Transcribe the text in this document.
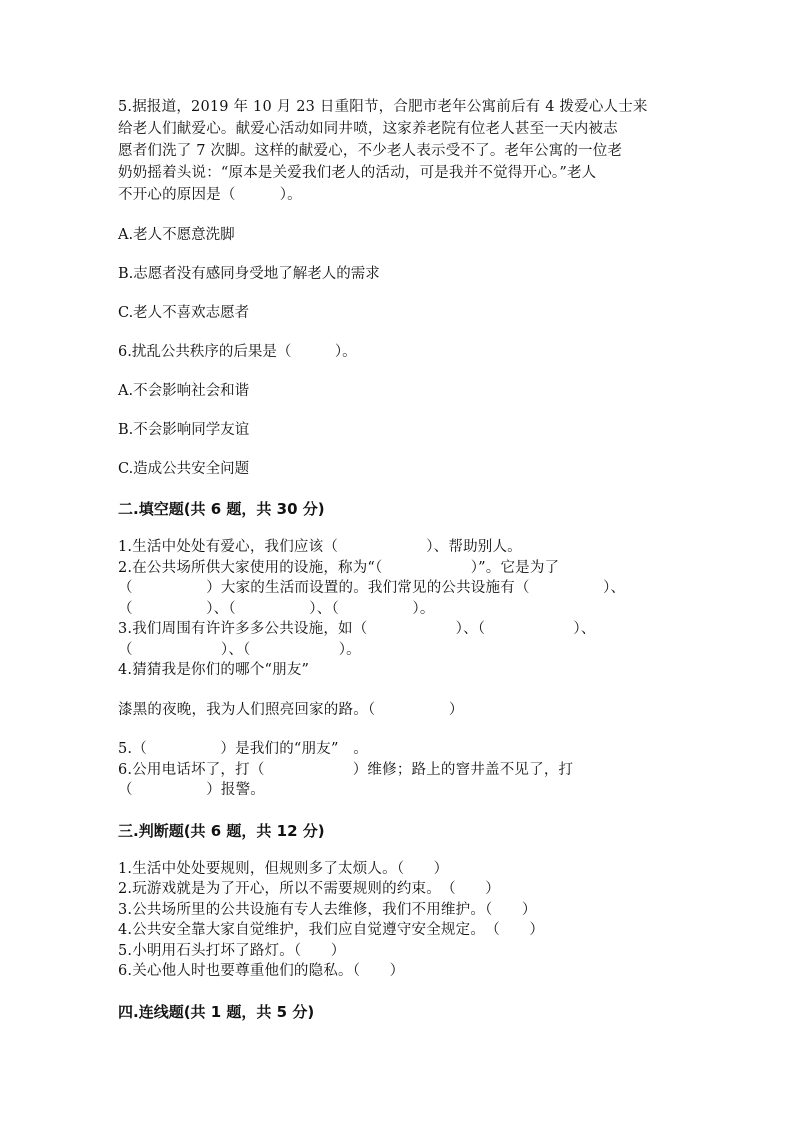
5.据报道，2019 年 10 月 23 日重阳节，合肥市老年公寓前后有 4 拨爱心人士来

给老人们献爱心。献爱心活动如同井喷，这家养老院有位老人甚至一天内被志

愿者们洗了 7 次脚。这样的献爱心，不少老人表示受不了。老年公寓的一位老

奶奶摇着头说：“原本是关爱我们老人的活动，可是我并不觉得开心。”老人

不开心的原因是（　　　）。

A.老人不愿意洗脚

B.志愿者没有感同身受地了解老人的需求

C.老人不喜欢志愿者

6.扰乱公共秩序的后果是（　　　）。

A.不会影响社会和谐

B.不会影响同学友谊

C.造成公共安全问题

二.填空题(共 6 题，共 30 分)

1.生活中处处有爱心，我们应该（　　　　　　）、帮助别人。

2.在公共场所供大家使用的设施，称为“（　　　　　　）”。它是为了

（　　　　　）大家的生活而设置的。我们常见的公共设施有（　　　　　）、

（　　　　　）、（　　　　　）、（　　　　　）。

3.我们周围有许许多多公共设施，如（　　　　　　）、（　　　　　　）、

（　　　　　　）、（　　　　　　）。

4.猜猜我是你们的哪个“朋友”

漆黑的夜晚，我为人们照亮回家的路。（　　　　　）

5.（　　　　　）是我们的“朋友”　。

6.公用电话坏了，打（　　　　　　）维修；路上的窨井盖不见了，打

（　　　　　）报警。

三.判断题(共 6 题，共 12 分)

1.生活中处处要规则，但规则多了太烦人。（　　）

2.玩游戏就是为了开心，所以不需要规则的约束。　（　　）

3.公共场所里的公共设施有专人去维修，我们不用维护。（　　）

4.公共安全靠大家自觉维护，我们应自觉遵守安全规定。　（　　）

5.小明用石头打坏了路灯。（　　）

6.关心他人时也要尊重他们的隐私。（　　）

四.连线题(共 1 题，共 5 分)
